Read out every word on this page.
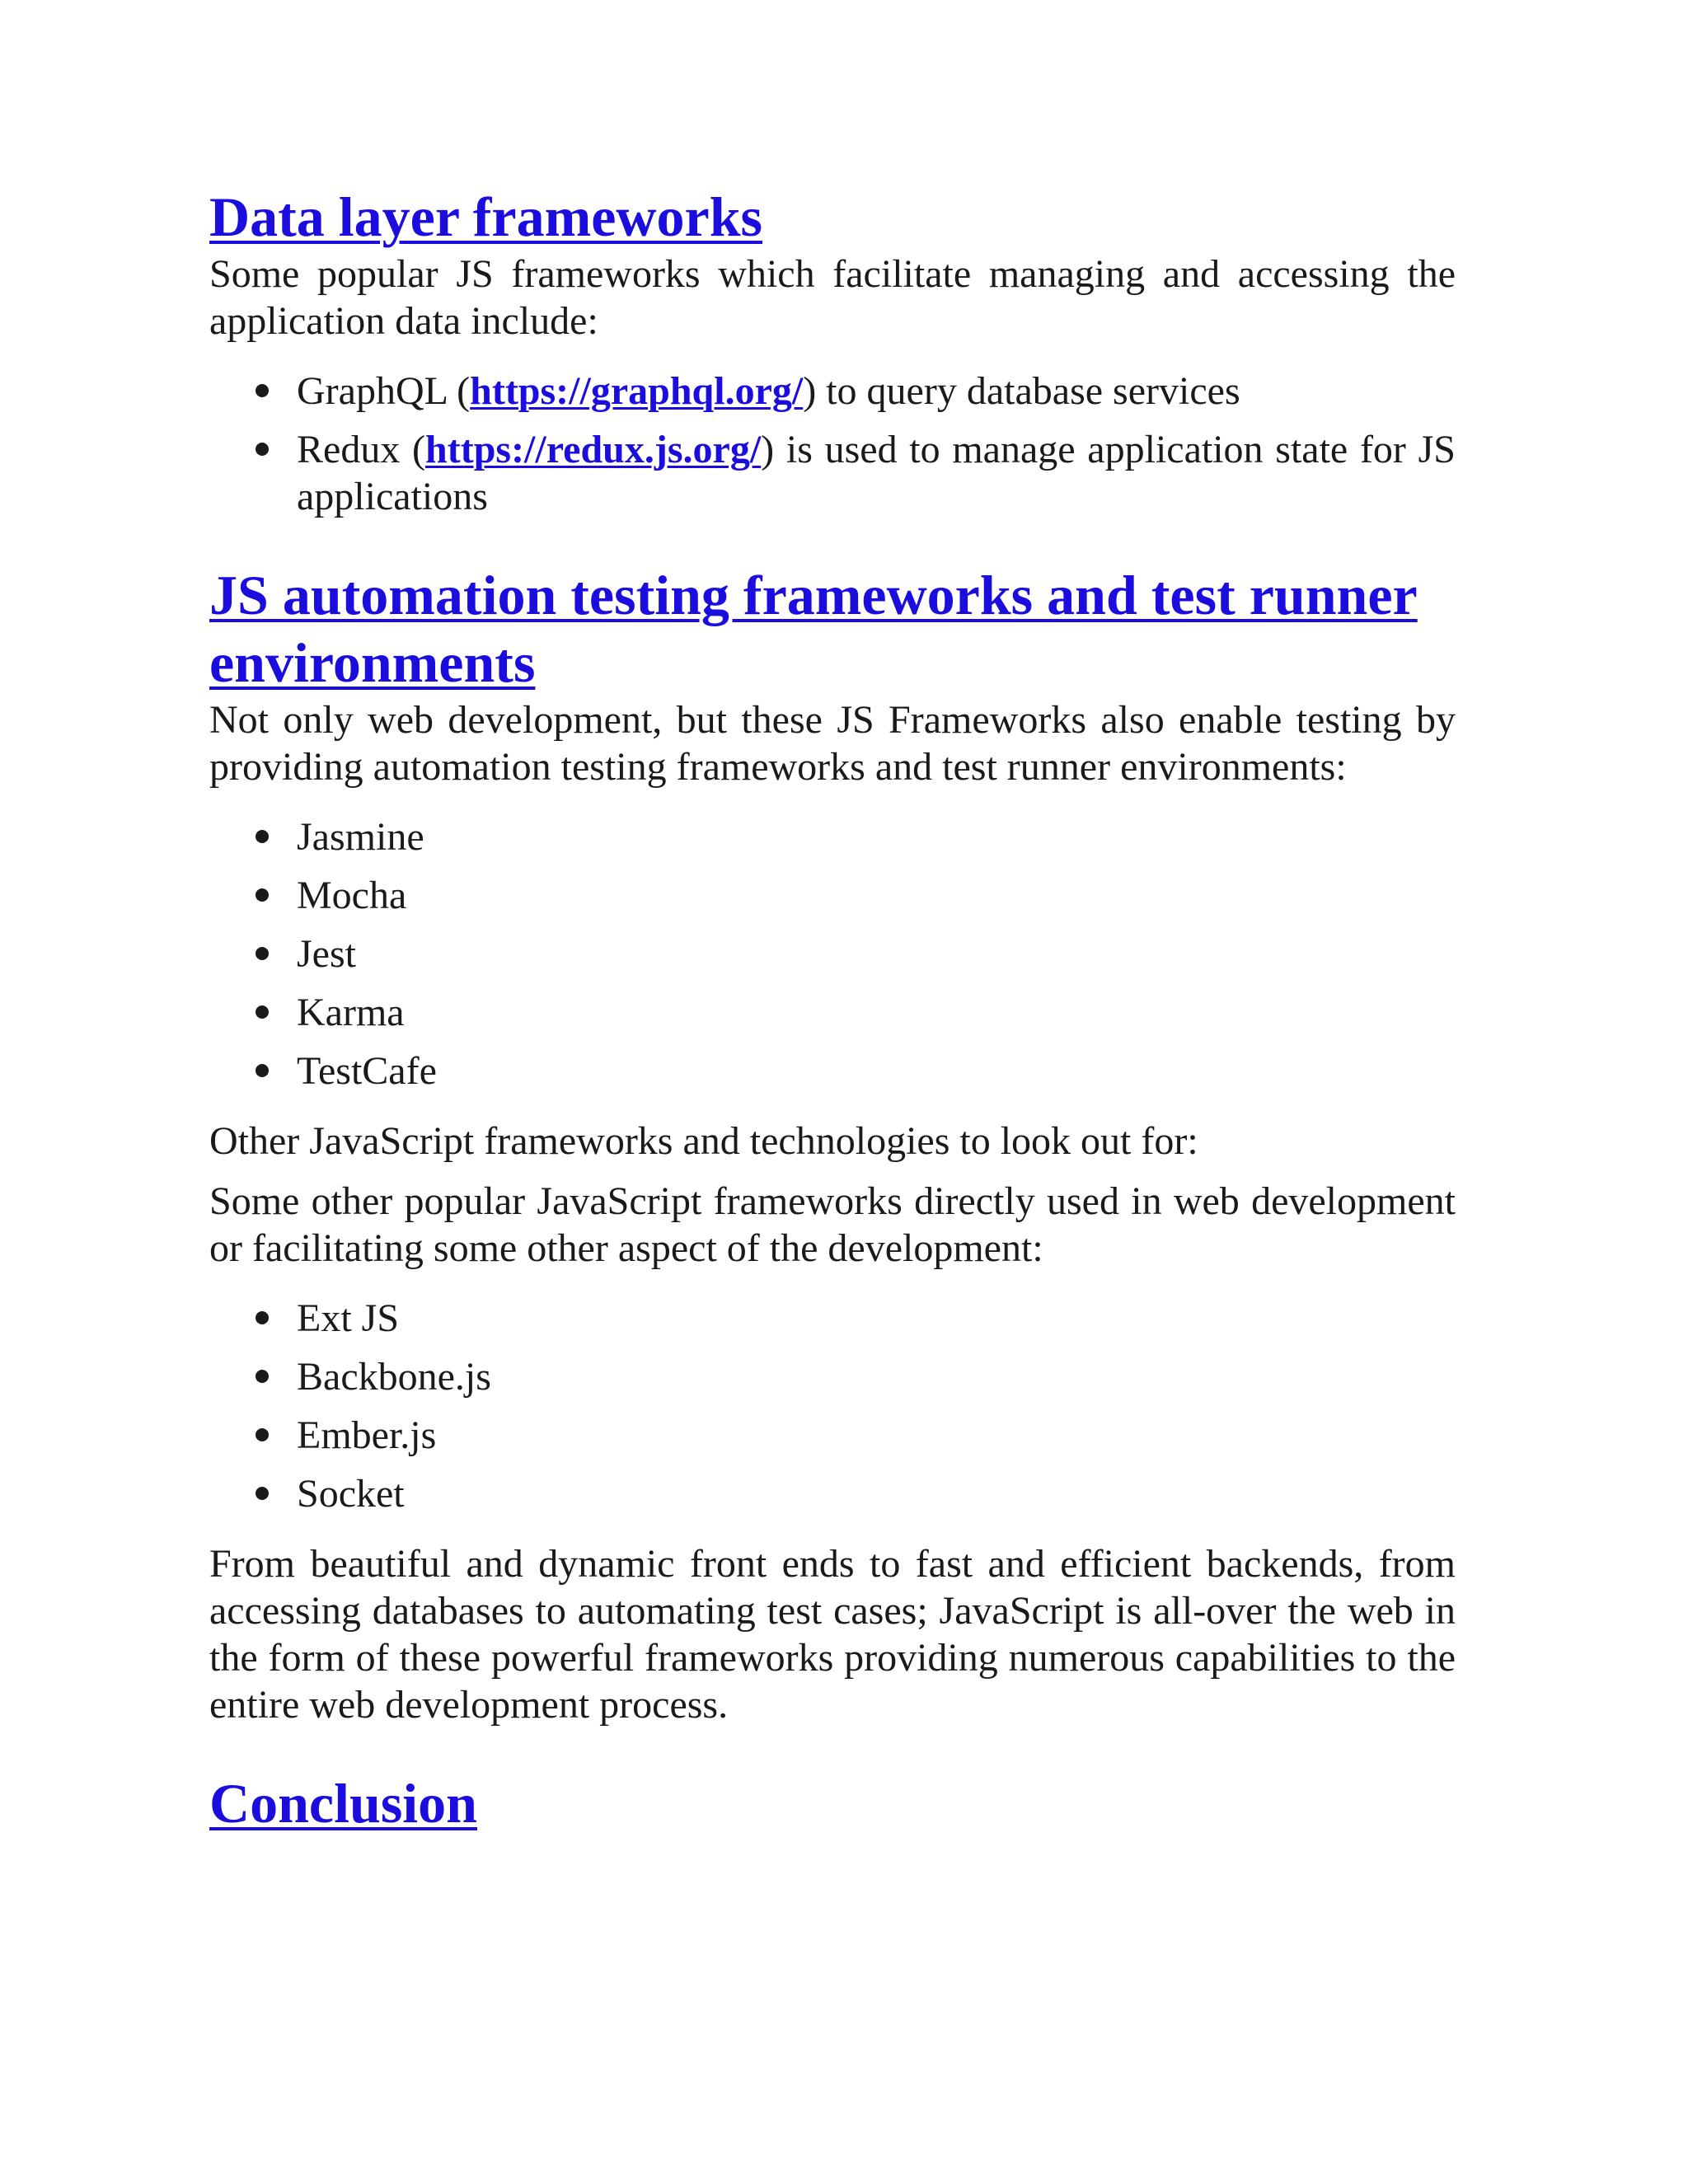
Data layer frameworks

Some popular JS frameworks which facilitate managing and accessing the application data include:

GraphQL (https://graphql.org/) to query database services
Redux (https://redux.js.org/) is used to manage application state for JS applications
JS automation testing frameworks and test runner environments

Not only web development, but these JS Frameworks also enable testing by providing automation testing frameworks and test runner environments:

Jasmine
Mocha
Jest
Karma
TestCafe

Other JavaScript frameworks and technologies to look out for:

Some other popular JavaScript frameworks directly used in web development or facilitating some other aspect of the development:

Ext JS
Backbone.js
Ember.js
Socket

From beautiful and dynamic front ends to fast and efficient backends, from accessing databases to automating test cases; JavaScript is all-over the web in the form of these powerful frameworks providing numerous capabilities to the entire web development process.

Conclusion
